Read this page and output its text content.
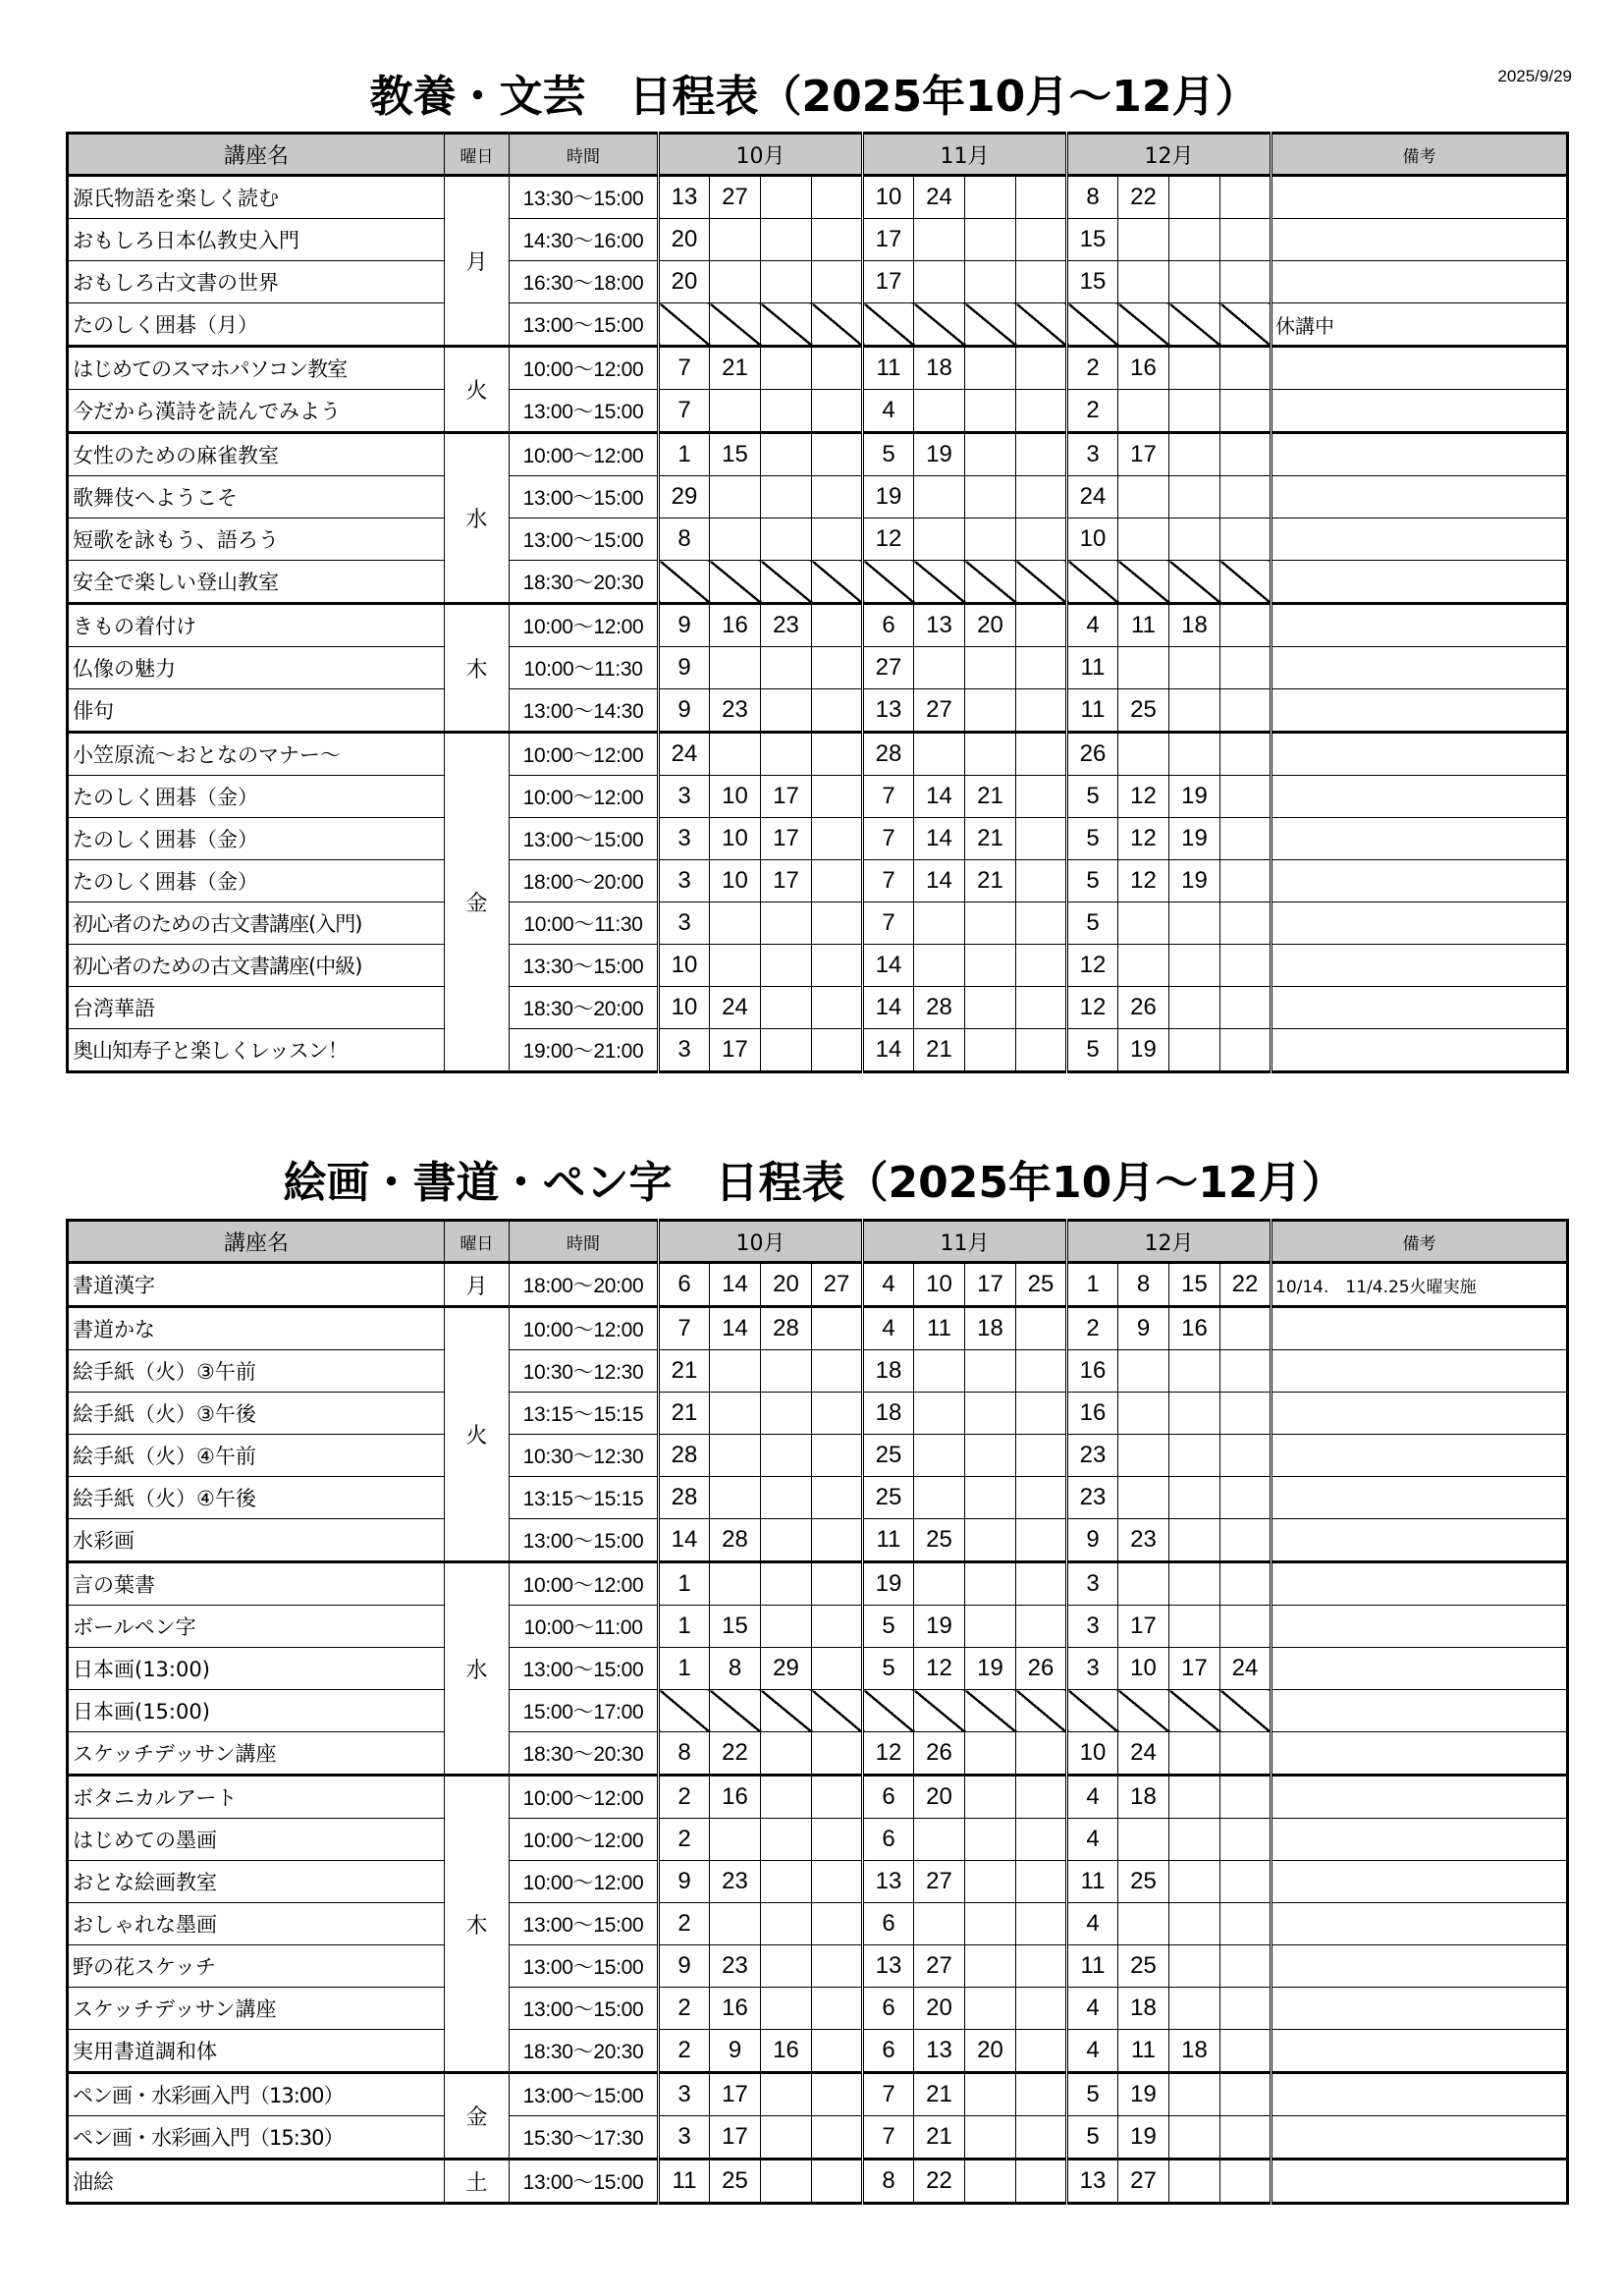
2025/9/29
教養・文芸　日程表（2025年10月～12月）
講座名	曜日	時間	10月				11月				12月				備考
源氏物語を楽しく読む	月	13:30～15:00	13	27			10	24			8	22			
おもしろ日本仏教史入門		14:30～16:00	20				17				15				
おもしろ古文書の世界		16:30～18:00	20				17				15				
たのしく囲碁（月）		13:00～15:00													休講中
はじめてのスマホパソコン教室	火	10:00～12:00	7	21			11	18			2	16			
今だから漢詩を読んでみよう		13:00～15:00	7				4				2				
女性のための麻雀教室	水	10:00～12:00	1	15			5	19			3	17			
歌舞伎へようこそ		13:00～15:00	29				19				24				
短歌を詠もう、語ろう		13:00～15:00	8				12				10				
安全で楽しい登山教室		18:30～20:30													
きもの着付け	木	10:00～12:00	9	16	23		6	13	20		4	11	18		
仏像の魅力		10:00～11:30	9				27				11				
俳句		13:00～14:30	9	23			13	27			11	25			
小笠原流～おとなのマナー～	金	10:00～12:00	24				28				26				
たのしく囲碁（金）		10:00～12:00	3	10	17		7	14	21		5	12	19		
たのしく囲碁（金）		13:00～15:00	3	10	17		7	14	21		5	12	19		
たのしく囲碁（金）		18:00～20:00	3	10	17		7	14	21		5	12	19		
初心者のための古文書講座(入門)		10:00～11:30	3				7				5				
初心者のための古文書講座(中級)		13:30～15:00	10				14				12				
台湾華語		18:30～20:00	10	24			14	28			12	26			
奥山知寿子と楽しくレッスン！		19:00～21:00	3	17			14	21			5	19			
絵画・書道・ペン字　日程表（2025年10月～12月）
講座名	曜日	時間	10月				11月				12月				備考
書道漢字	月	18:00～20:00	6	14	20	27	4	10	17	25	1	8	15	22	10/14.　11/4.25火曜実施
書道かな	火	10:00～12:00	7	14	28		4	11	18		2	9	16		
絵手紙（火）③午前		10:30～12:30	21				18				16				
絵手紙（火）③午後		13:15～15:15	21				18				16				
絵手紙（火）④午前		10:30～12:30	28				25				23				
絵手紙（火）④午後		13:15～15:15	28				25				23				
水彩画		13:00～15:00	14	28			11	25			9	23			
言の葉書	水	10:00～12:00	1				19				3				
ボールペン字		10:00～11:00	1	15			5	19			3	17			
日本画(13:00)		13:00～15:00	1	8	29		5	12	19	26	3	10	17	24	
日本画(15:00)		15:00～17:00													
スケッチデッサン講座		18:30～20:30	8	22			12	26			10	24			
ボタニカルアート	木	10:00～12:00	2	16			6	20			4	18			
はじめての墨画		10:00～12:00	2				6				4				
おとな絵画教室		10:00～12:00	9	23			13	27			11	25			
おしゃれな墨画		13:00～15:00	2				6				4				
野の花スケッチ		13:00～15:00	9	23			13	27			11	25			
スケッチデッサン講座		13:00～15:00	2	16			6	20			4	18			
実用書道調和体		18:30～20:30	2	9	16		6	13	20		4	11	18		
ペン画・水彩画入門（13:00）	金	13:00～15:00	3	17			7	21			5	19			
ペン画・水彩画入門（15:30）		15:30～17:30	3	17			7	21			5	19			
油絵	土	13:00～15:00	11	25			8	22			13	27			
